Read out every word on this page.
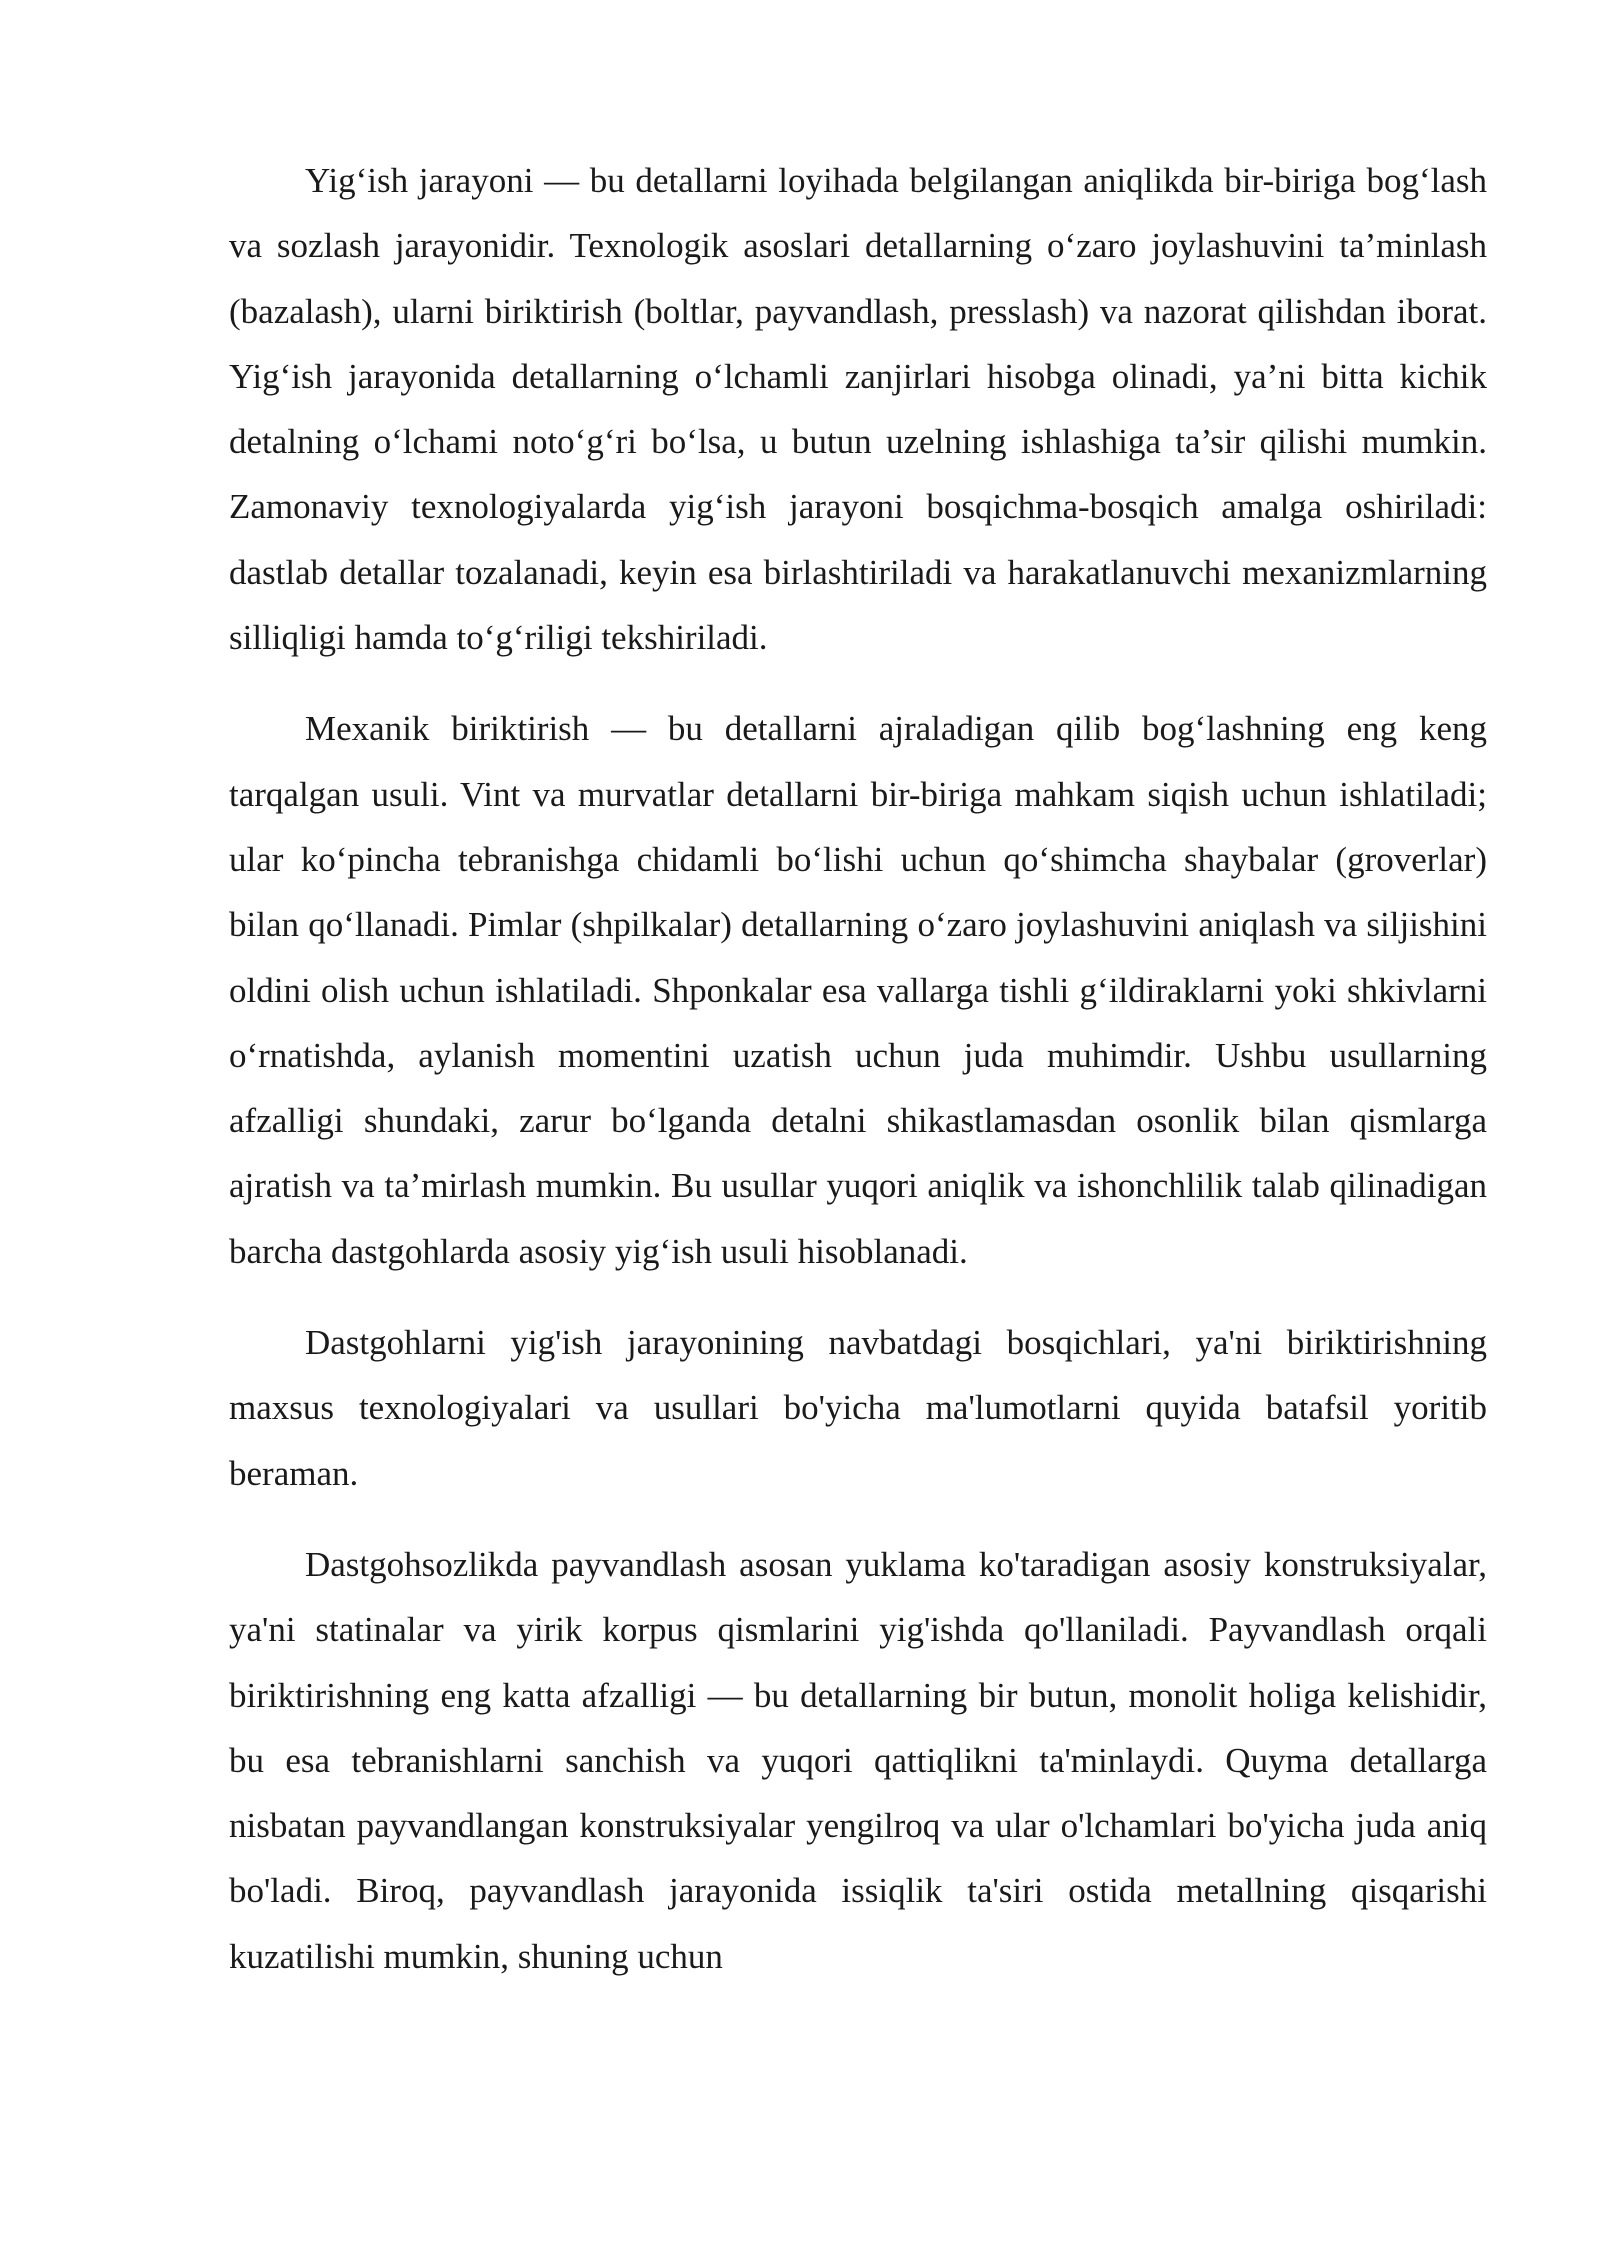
Yig‘ish jarayoni — bu detallarni loyihada belgilangan aniqlikda bir-biriga bog‘lash va sozlash jarayonidir. Texnologik asoslari detallarning o‘zaro joylashuvini ta’minlash (bazalash), ularni biriktirish (boltlar, payvandlash, presslash) va nazorat qilishdan iborat. Yig‘ish jarayonida detallarning o‘lchamli zanjirlari hisobga olinadi, ya’ni bitta kichik detalning o‘lchami noto‘g‘ri bo‘lsa, u butun uzelning ishlashiga ta’sir qilishi mumkin. Zamonaviy texnologiyalarda yig‘ish jarayoni bosqichma-bosqich amalga oshiriladi: dastlab detallar tozalanadi, keyin esa birlashtiriladi va harakatlanuvchi mexanizmlarning silliqligi hamda to‘g‘riligi tekshiriladi.

Mexanik biriktirish — bu detallarni ajraladigan qilib bog‘lashning eng keng tarqalgan usuli. Vint va murvatlar detallarni bir-biriga mahkam siqish uchun ishlatiladi; ular ko‘pincha tebranishga chidamli bo‘lishi uchun qo‘shimcha shaybalar (groverlar) bilan qo‘llanadi. Pimlar (shpilkalar) detallarning o‘zaro joylashuvini aniqlash va siljishini oldini olish uchun ishlatiladi. Shponkalar esa vallarga tishli g‘ildiraklarni yoki shkivlarni o‘rnatishda, aylanish momentini uzatish uchun juda muhimdir. Ushbu usullarning afzalligi shundaki, zarur bo‘lganda detalni shikastlamasdan osonlik bilan qismlarga ajratish va ta’mirlash mumkin. Bu usullar yuqori aniqlik va ishonchlilik talab qilinadigan barcha dastgohlarda asosiy yig‘ish usuli hisoblanadi.

Dastgohlarni yig'ish jarayonining navbatdagi bosqichlari, ya'ni biriktirishning maxsus texnologiyalari va usullari bo'yicha ma'lumotlarni quyida batafsil yoritib beraman.

Dastgohsozlikda payvandlash asosan yuklama ko'taradigan asosiy konstruksiyalar, ya'ni statinalar va yirik korpus qismlarini yig'ishda qo'llaniladi. Payvandlash orqali biriktirishning eng katta afzalligi — bu detallarning bir butun, monolit holiga kelishidir, bu esa tebranishlarni sanchish va yuqori qattiqlikni ta'minlaydi. Quyma detallarga nisbatan payvandlangan konstruksiyalar yengilroq va ular o'lchamlari bo'yicha juda aniq bo'ladi. Biroq, payvandlash jarayonida issiqlik ta'siri ostida metallning qisqarishi kuzatilishi mumkin, shuning uchun
